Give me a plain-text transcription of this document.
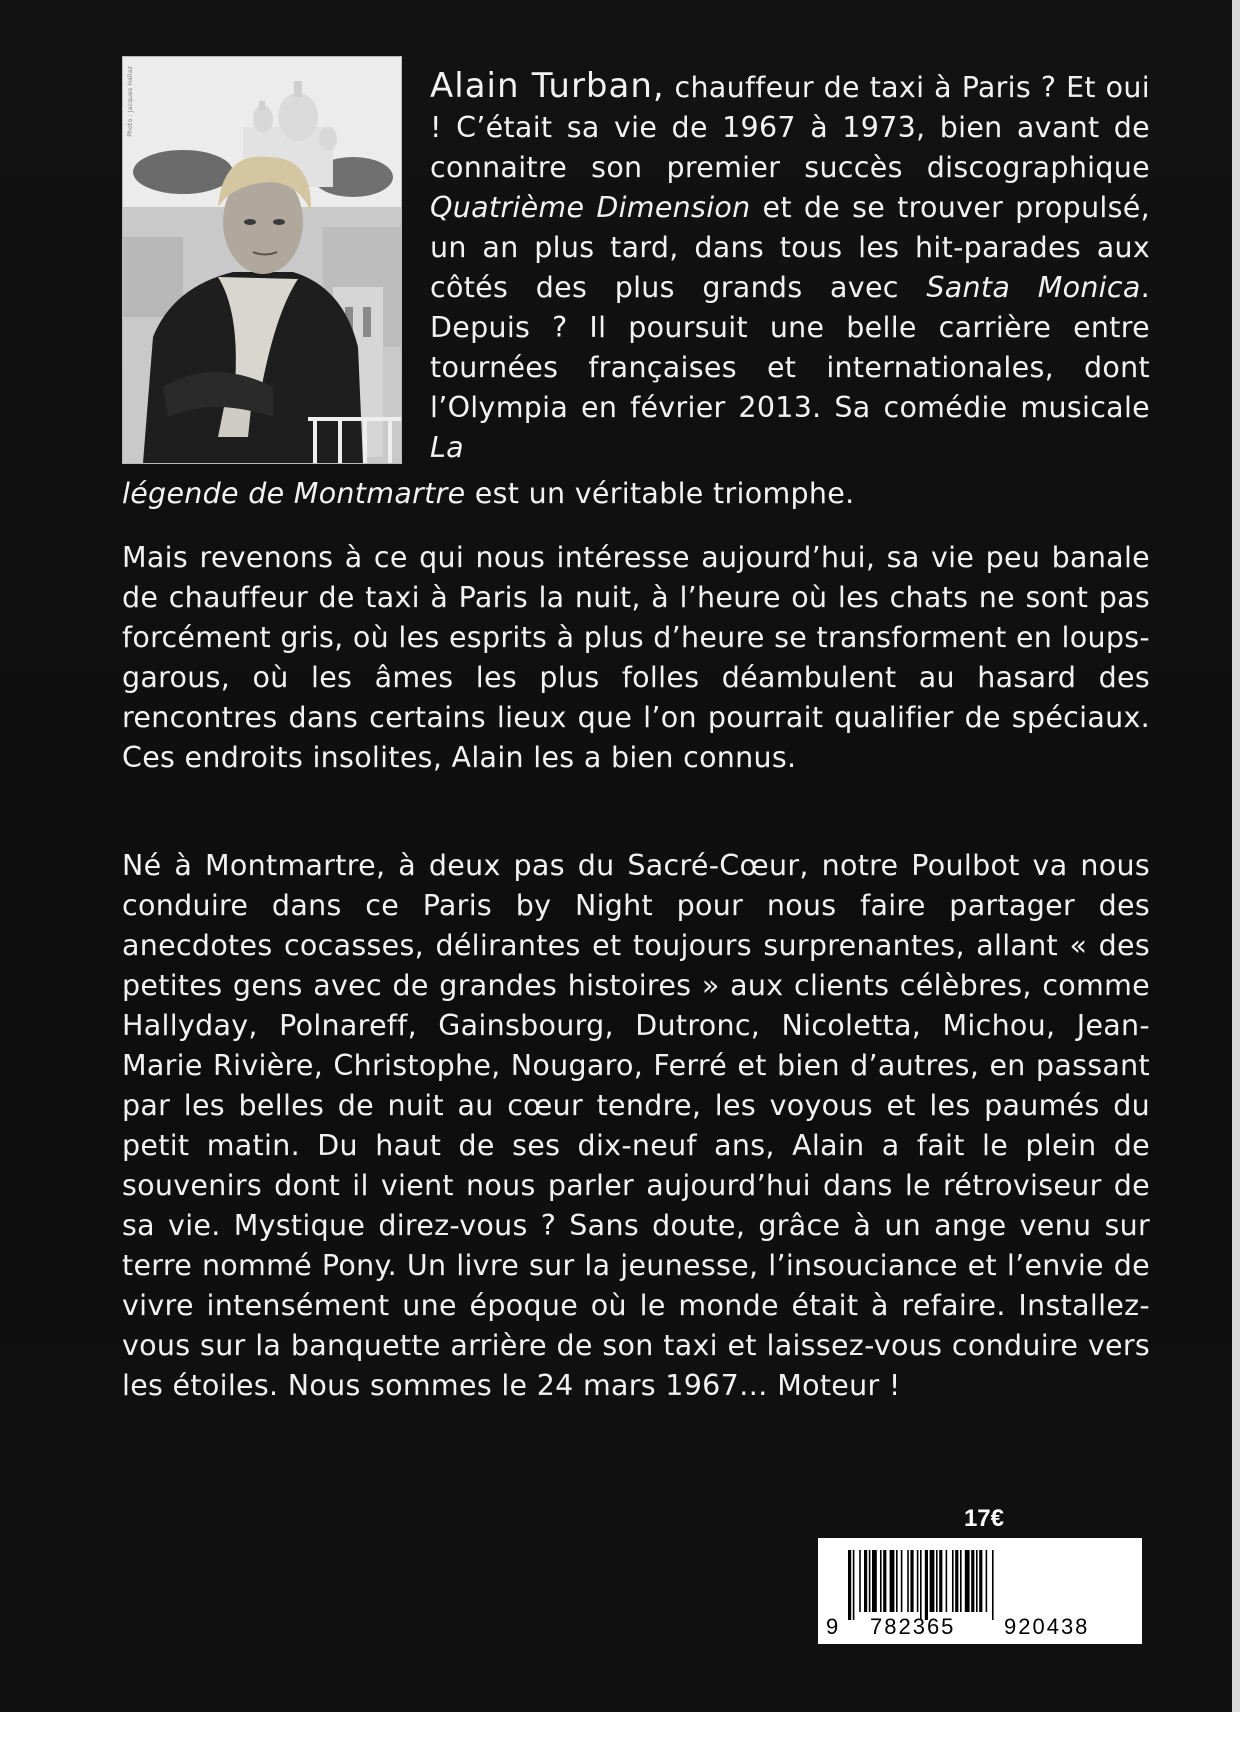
Photo : Jacques Hallaz	Alain Turban, chauffeur de taxi à Paris ? Et oui ! C’était sa vie de 1967 à 1973, bien avant de connaitre son premier succès discographique Quatrième Dimension et de se trouver propulsé, un an plus tard, dans tous les hit-parades aux côtés des plus grands avec Santa Monica. Depuis ? Il poursuit une belle carrière entre tournées françaises et internationales, dont l’Olympia en février 2013. Sa comédie musicale La
légende de Montmartre est un véritable triomphe.
Mais revenons à ce qui nous intéresse aujourd’hui, sa vie peu banale de chauffeur de taxi à Paris la nuit, à l’heure où les chats ne sont pas forcément gris, où les esprits à plus d’heure se transforment en loups-garous, où les âmes les plus folles déambulent au hasard des rencontres dans certains lieux que l’on pourrait qualifier de spéciaux. Ces endroits insolites, Alain les a bien connus.
Né à Montmartre, à deux pas du Sacré-Cœur, notre Poulbot va nous conduire dans ce Paris by Night pour nous faire partager des anecdotes cocasses, délirantes et toujours surprenantes, allant « des petites gens avec de grandes histoires » aux clients célèbres, comme Hallyday, Polnareff, Gainsbourg, Dutronc, Nicoletta, Michou, Jean-Marie Rivière, Christophe, Nougaro, Ferré et bien d’autres, en passant par les belles de nuit au cœur tendre, les voyous et les paumés du petit matin. Du haut de ses dix-neuf ans, Alain a fait le plein de souvenirs dont il vient nous parler aujourd’hui dans le rétroviseur de sa vie. Mystique direz-vous ? Sans doute, grâce à un ange venu sur terre nommé Pony. Un livre sur la jeunesse, l’insouciance et l’envie de vivre intensément une époque où le monde était à refaire. Installez-vous sur la banquette arrière de son taxi et laissez-vous conduire vers les étoiles. Nous sommes le 24 mars 1967… Moteur !
17€
9 782365 920438
